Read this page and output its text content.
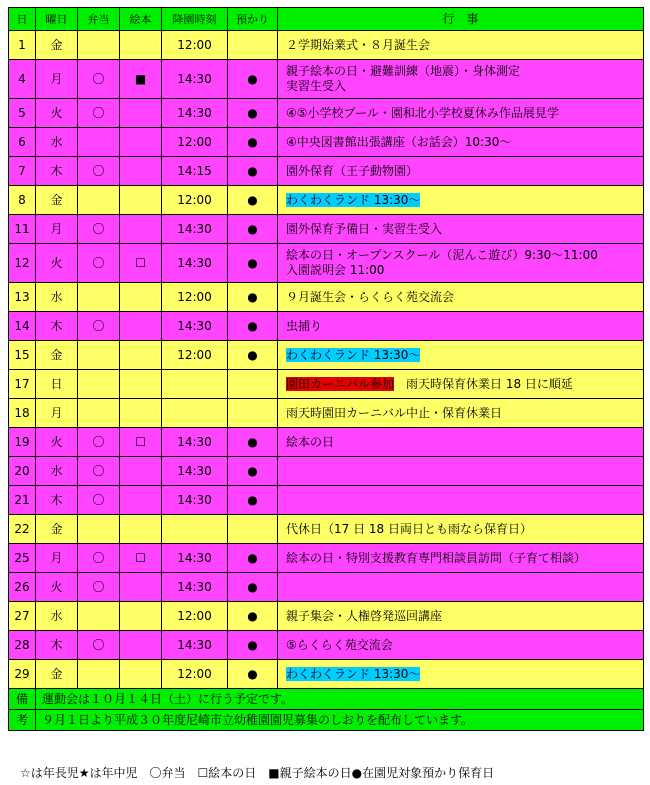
日	曜日	弁当	絵本	降園時刻	預かり	行　事
1	金			12:00		２学期始業式・８月誕生会

4	月	〇	■	14:30	●	親子絵本の日・避難訓練（地震）・身体測定
実習生受入

5	火	〇		14:30	●	④⑤小学校プール・園和北小学校夏休み作品展見学

6	水			12:00	●	④中央図書館出張講座（お話会）10:30～

7	木	〇		14:15	●	園外保育（王子動物園）

8	金			12:00	●	わくわくランド 13:30～
11	月	〇		14:30	●	園外保育予備日・実習生受入

12	火	〇	☐	14:30	●	絵本の日・オープンスクール（泥んこ遊び）9:30～11:00
入園説明会 11:00

13	水			12:00	●	９月誕生会・らくらく苑交流会

14	木	〇		14:30	●	虫捕り

15	金			12:00	●	わくわくランド 13:30～
17	日					園田カーニバル参加　雨天時保育休業日 18 日に順延
18	月					雨天時園田カーニバル中止・保育休業日

19	火	〇	☐	14:30	●	絵本の日

20	水	〇		14:30	●	
21	木	〇		14:30	●	
22	金					代休日（17 日 18 日両日とも雨なら保育日）

25	月	〇	☐	14:30	●	絵本の日・特別支援教育専門相談員訪問（子育て相談）

26	火	〇		14:30	●	
27	水			12:00	●	親子集会・人権啓発巡回講座

28	木	〇		14:30	●	⑤らくらく苑交流会

29	金			12:00	●	わくわくランド 13:30～
備	運動会は１０月１４日（土）に行う予定です。					
考	９月１日より平成３０年度尼崎市立幼稚園園児募集のしおりを配布しています。					
☆は年長児★は年中児　〇弁当　☐絵本の日　■親子絵本の日●在園児対象預かり保育日
